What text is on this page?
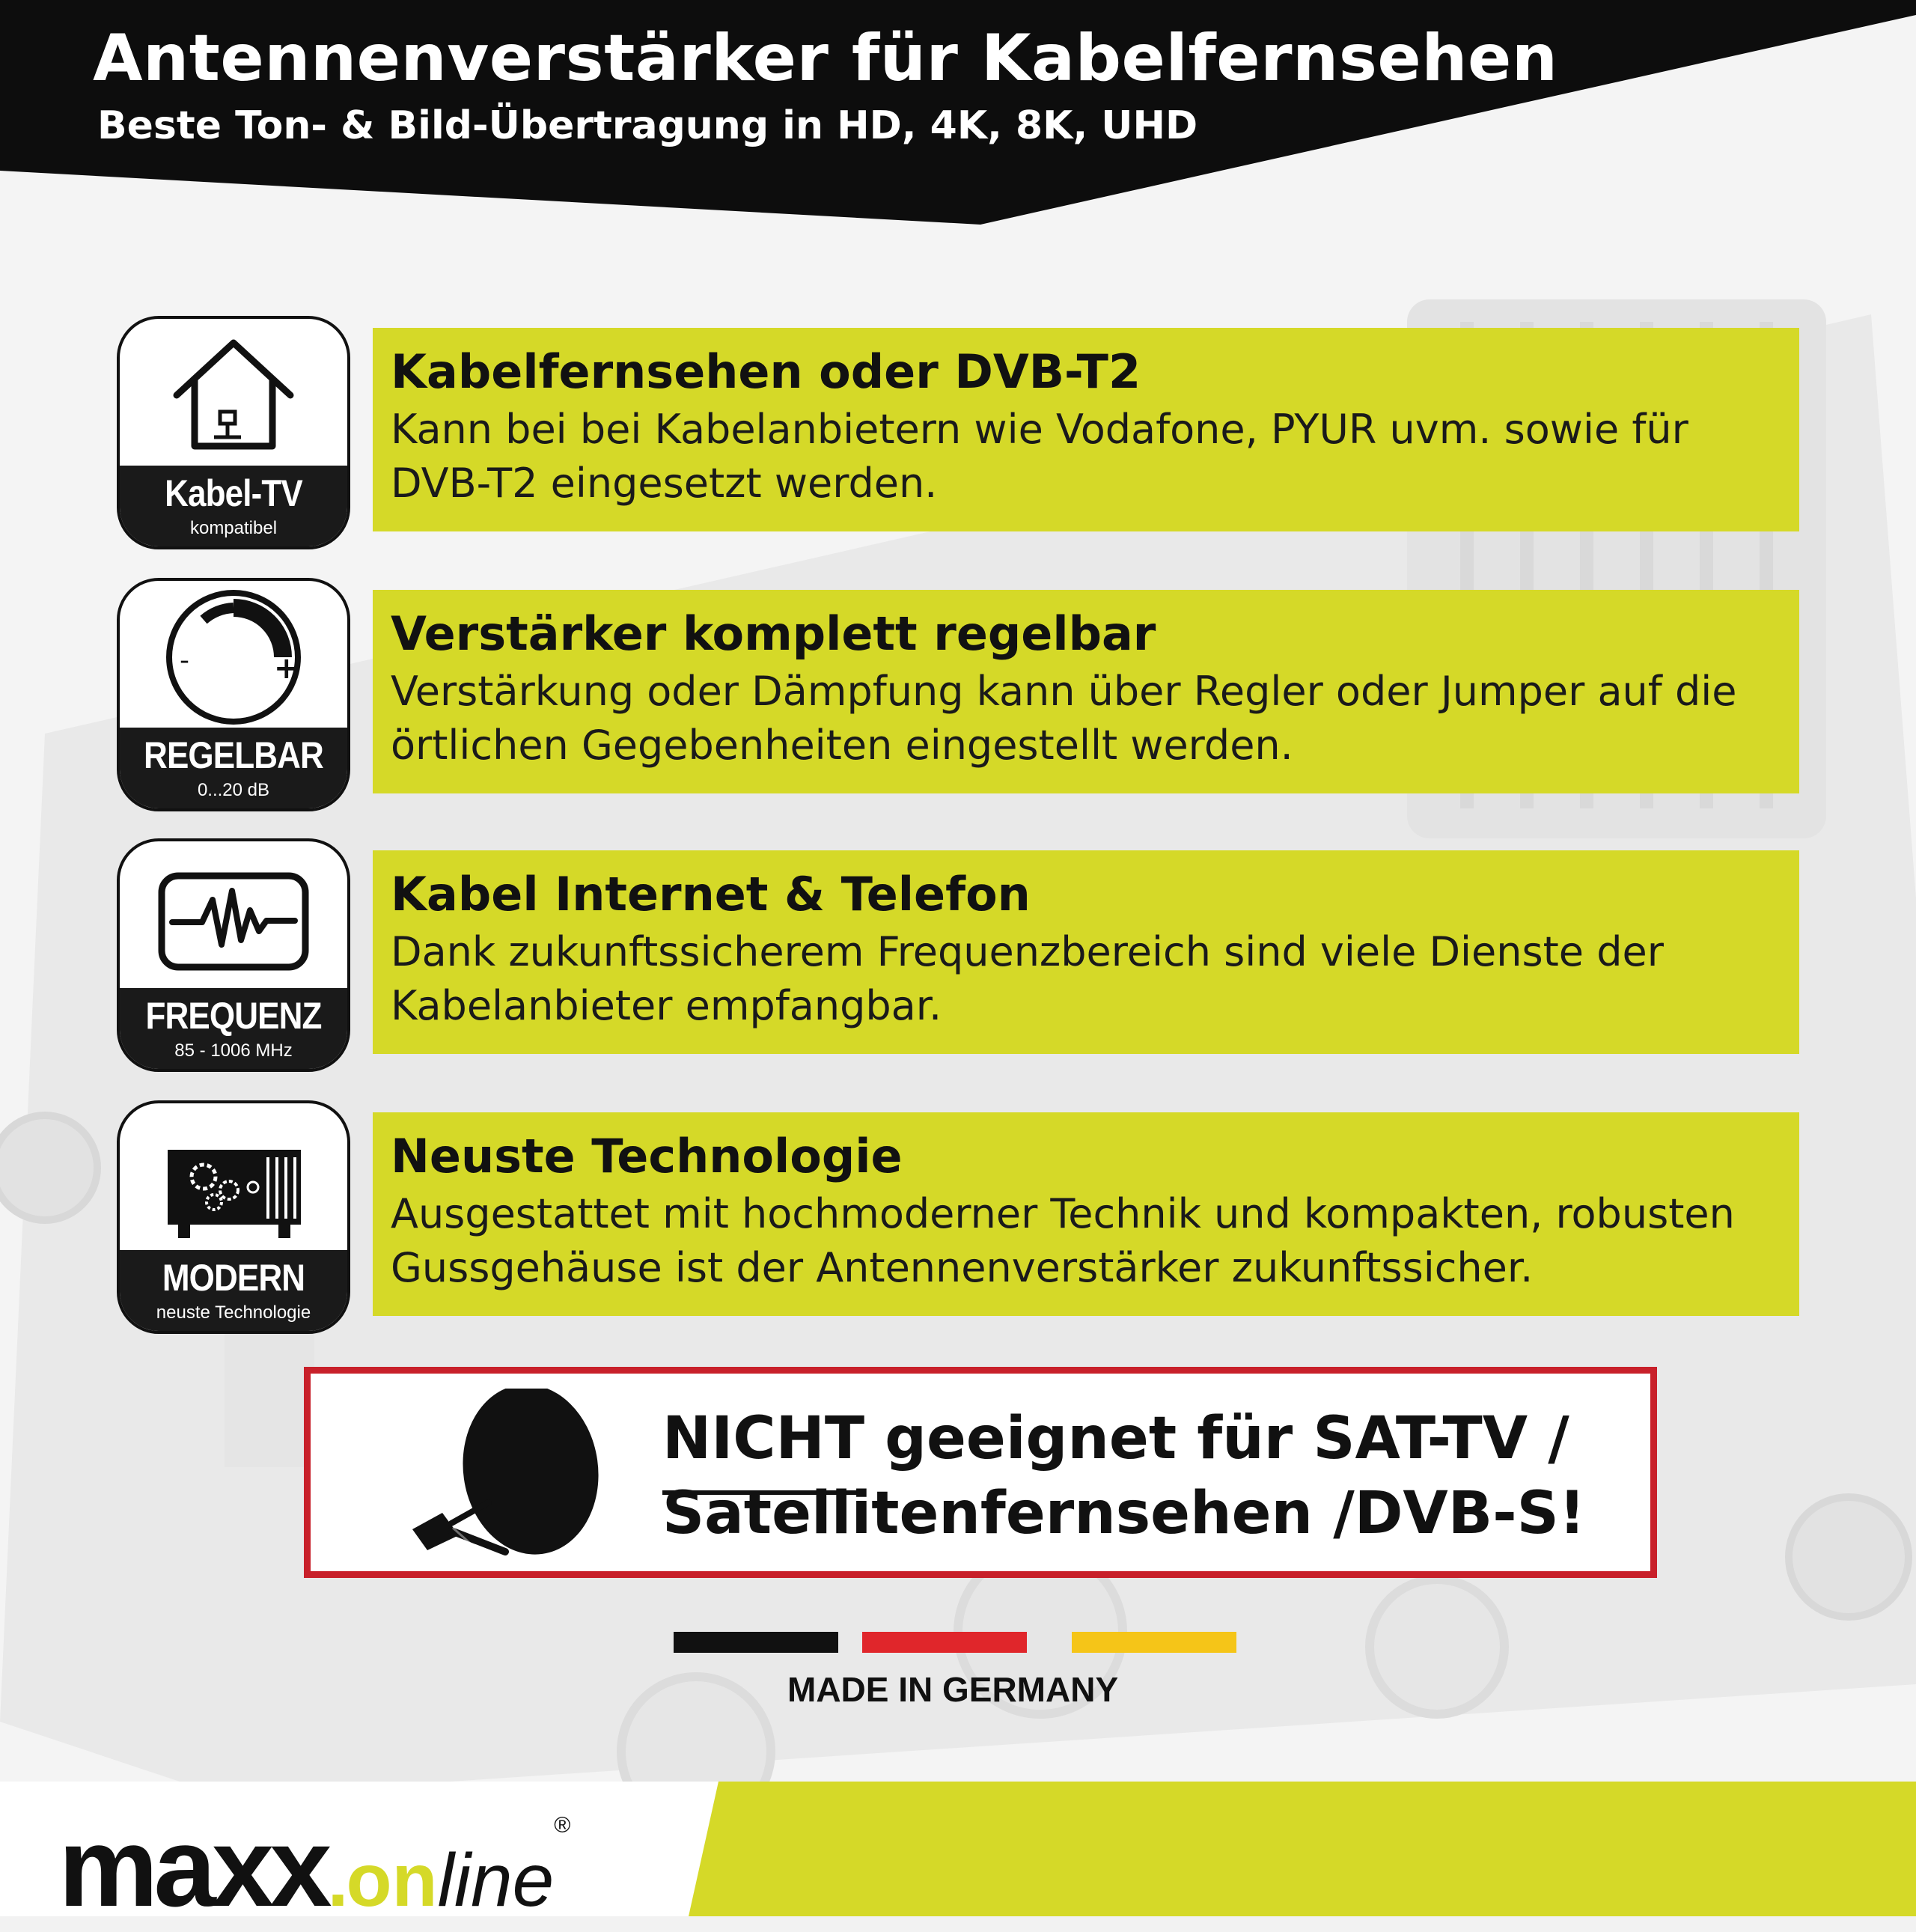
Antennenverstärker für Kabelfernsehen
Beste Ton- & Bild-Übertragung in HD, 4K, 8K, UHD
Kabel-TV
kompatibel
Kabelfernsehen oder DVB-T2
Kann bei bei Kabelanbietern wie Vodafone, PYUR uvm. sowie für DVB-T2 eingesetzt werden.
-	+
REGELBAR
0...20 dB
Verstärker komplett regelbar
Verstärkung oder Dämpfung kann über Regler oder Jumper auf die örtlichen Gegebenheiten eingestellt werden.
FREQUENZ
85 - 1006 MHz
Kabel Internet & Telefon
Dank zukunftssicherem Frequenzbereich sind viele Dienste der Kabelanbieter empfangbar.
MODERN
neuste Technologie
Neuste Technologie
Ausgestattet mit hochmoderner Technik und kompakten, robusten Gussgehäuse ist der Antennenverstärker zukunftssicher.
NICHT geeignet für SAT-TV /
Satellitenfernsehen /DVB-S!
MADE IN GERMANY
maxx.online®
